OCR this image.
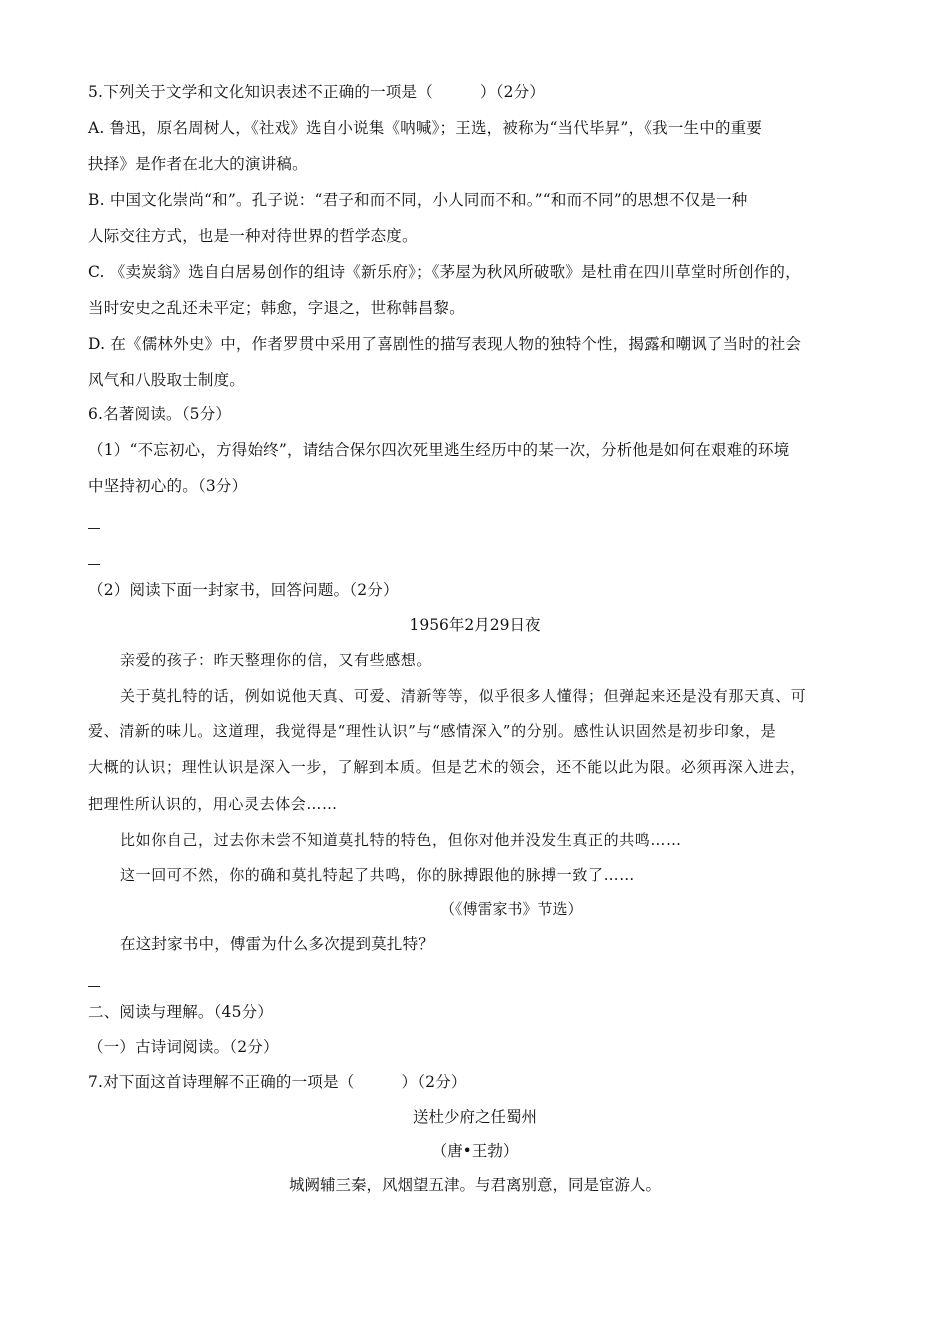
5.下列关于文学和文化知识表述不正确的一项是（　　　）（2分）
A. 鲁迅，原名周树人，《社戏》选自小说集《呐喊》；王选，被称为“当代毕昇”，《我一生中的重要
抉择》是作者在北大的演讲稿。
B. 中国文化崇尚“和”。孔子说：“君子和而不同，小人同而不和。”“和而不同”的思想不仅是一种
人际交往方式，也是一种对待世界的哲学态度。
C. 《卖炭翁》选自白居易创作的组诗《新乐府》；《茅屋为秋风所破歌》是杜甫在四川草堂时所创作的，
当时安史之乱还未平定；韩愈，字退之，世称韩昌黎。
D. 在《儒林外史》中，作者罗贯中采用了喜剧性的描写表现人物的独特个性，揭露和嘲讽了当时的社会
风气和八股取士制度。
6.名著阅读。（5分）
（1）“不忘初心，方得始终”，请结合保尔四次死里逃生经历中的某一次，分析他是如何在艰难的环境
中坚持初心的。（3分）
（2）阅读下面一封家书，回答问题。（2分）
1956年2月29日夜
亲爱的孩子：昨天整理你的信，又有些感想。
关于莫扎特的话，例如说他天真、可爱、清新等等，似乎很多人懂得；但弹起来还是没有那天真、可
爱、清新的味儿。这道理，我觉得是“理性认识”与“感情深入”的分别。感性认识固然是初步印象，是
大概的认识；理性认识是深入一步，了解到本质。但是艺术的领会，还不能以此为限。必须再深入进去，
把理性所认识的，用心灵去体会……
比如你自己，过去你未尝不知道莫扎特的特色，但你对他并没发生真正的共鸣……
这一回可不然，你的确和莫扎特起了共鸣，你的脉搏跟他的脉搏一致了……
（《傅雷家书》节选）
在这封家书中，傅雷为什么多次提到莫扎特？
二、阅读与理解。（45分）
（一）古诗词阅读。（2分）
7.对下面这首诗理解不正确的一项是（　　　）（2分）
送杜少府之任蜀州
（唐•王勃）
城阙辅三秦，风烟望五津。与君离别意，同是宦游人。
